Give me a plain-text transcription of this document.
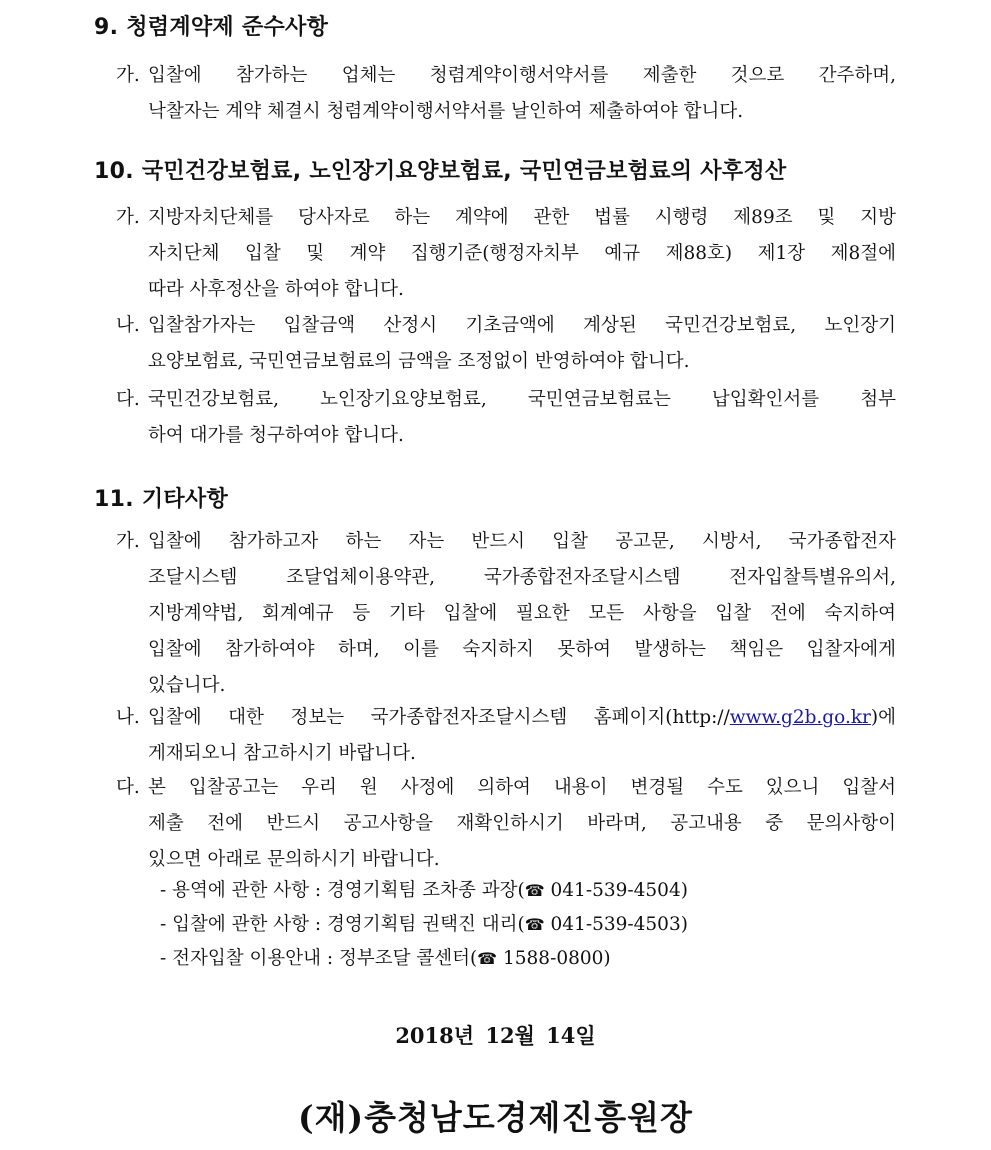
9. 청렴계약제 준수사항
가. 입찰에 참가하는 업체는 청렴계약이행서약서를 제출한 것으로 간주하며,
낙찰자는 계약 체결시 청렴계약이행서약서를 날인하여 제출하여야 합니다.
10. 국민건강보험료, 노인장기요양보험료, 국민연금보험료의 사후정산
가. 지방자치단체를 당사자로 하는 계약에 관한 법률 시행령 제89조 및 지방
자치단체 입찰 및 계약 집행기준(행정자치부 예규 제88호) 제1장 제8절에
따라 사후정산을 하여야 합니다.
나. 입찰참가자는 입찰금액 산정시 기초금액에 계상된 국민건강보험료, 노인장기
요양보험료, 국민연금보험료의 금액을 조정없이 반영하여야 합니다.
다. 국민건강보험료, 노인장기요양보험료, 국민연금보험료는 납입확인서를 첨부
하여 대가를 청구하여야 합니다.
11. 기타사항
가. 입찰에 참가하고자 하는 자는 반드시 입찰 공고문, 시방서, 국가종합전자
조달시스템 조달업체이용약관, 국가종합전자조달시스템 전자입찰특별유의서,
지방계약법, 회계예규 등 기타 입찰에 필요한 모든 사항을 입찰 전에 숙지하여
입찰에 참가하여야 하며, 이를 숙지하지 못하여 발생하는 책임은 입찰자에게
있습니다.
나. 입찰에 대한 정보는 국가종합전자조달시스템 홈페이지(http://www.g2b.go.kr)에
게재되오니 참고하시기 바랍니다.
다. 본 입찰공고는 우리 원 사정에 의하여 내용이 변경될 수도 있으니 입찰서
제출 전에 반드시 공고사항을 재확인하시기 바라며, 공고내용 중 문의사항이
있으면 아래로 문의하시기 바랍니다.
- 용역에 관한 사항 : 경영기획팀 조차종 과장(☎ 041-539-4504)
- 입찰에 관한 사항 : 경영기획팀 권택진 대리(☎ 041-539-4503)
- 전자입찰 이용안내 : 정부조달 콜센터(☎ 1588-0800)
2018년 12월 14일
(재)충청남도경제진흥원장
